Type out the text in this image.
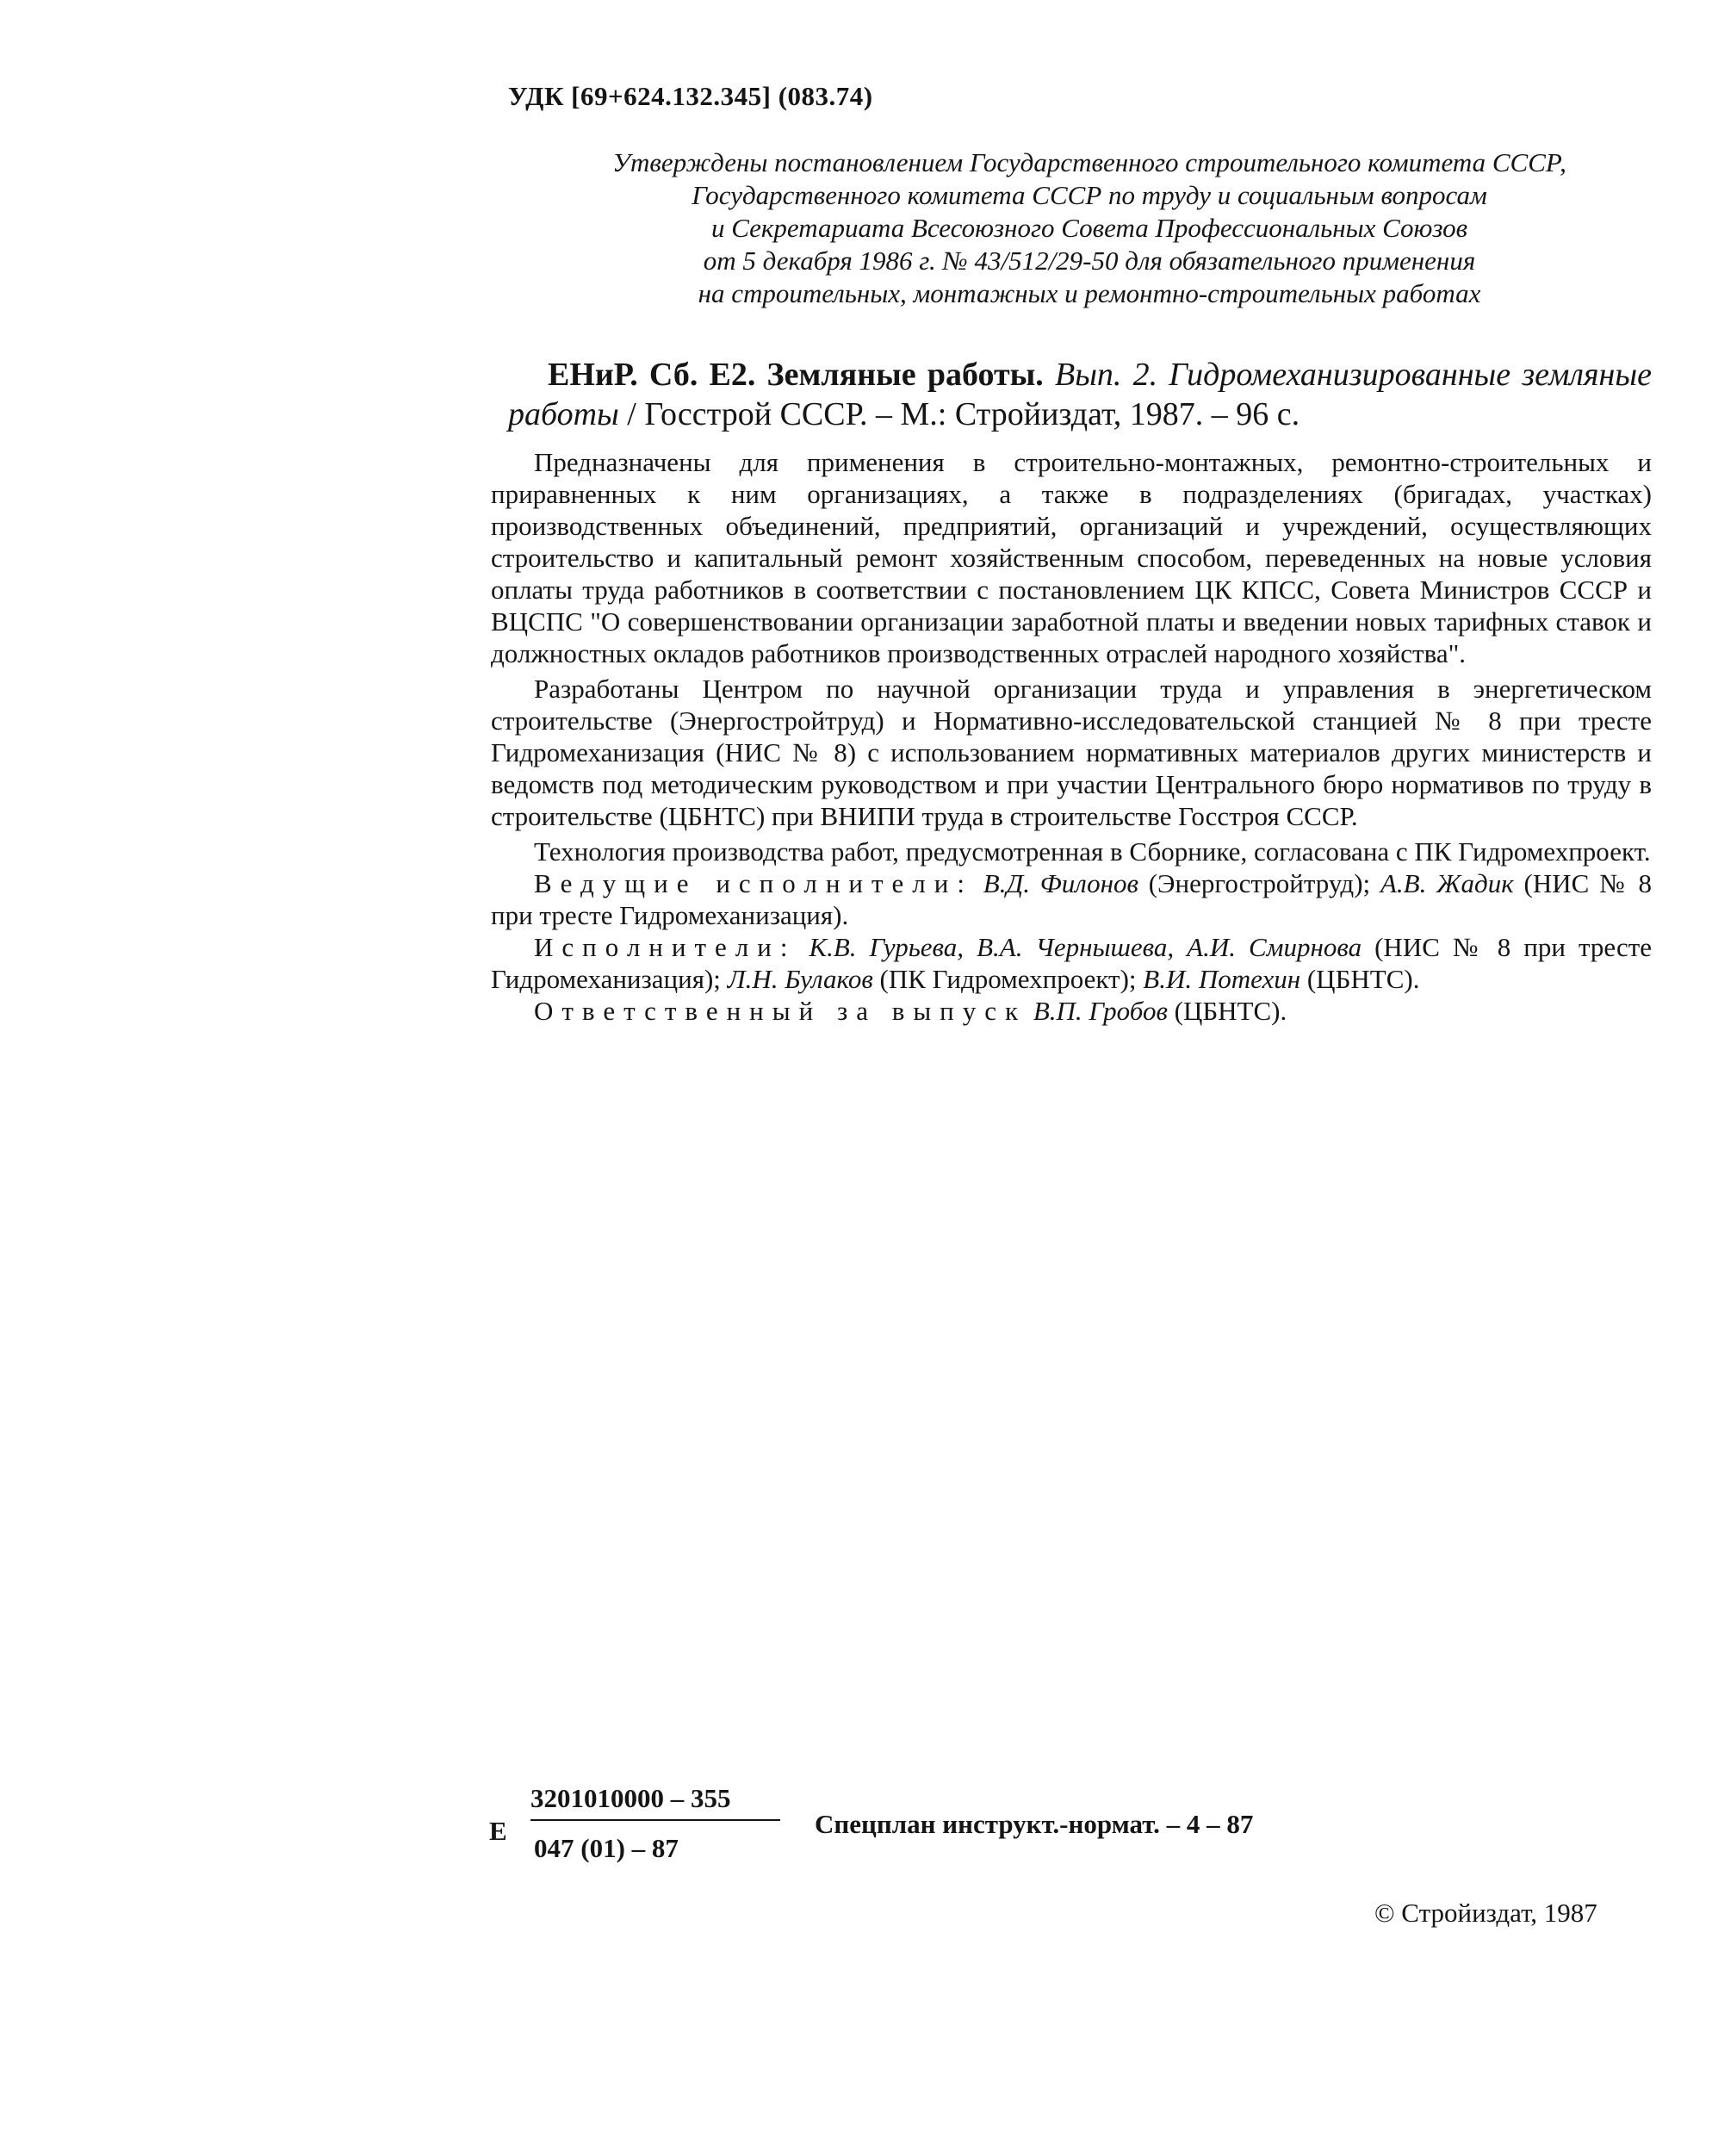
УДК [69+624.132.345] (083.74)
Утверждены постановлением Государственного строительного комитета СССР,
Государственного комитета СССР по труду и социальным вопросам
и Секретариата Всесоюзного Совета Профессиональных Союзов
от 5 декабря 1986 г. № 43/512/29-50 для обязательного применения
на строительных, монтажных и ремонтно-строительных работах
ЕНиР. Сб. Е2. Земляные работы. Вып. 2. Гидромеханизированные земляные работы / Госстрой СССР. – М.: Стройиздат, 1987. – 96 с.

Предназначены для применения в строительно-монтажных, ремонтно-строительных и приравненных к ним организациях, а также в подразделениях (бригадах, участках) производственных объединений, предприятий, организаций и учреждений, осуществляющих строительство и капитальный ремонт хозяйственным способом, переведенных на новые условия оплаты труда работников в соответствии с постановлением ЦК КПСС, Совета Министров СССР и ВЦСПС "О совершенствовании организации заработной платы и введении новых тарифных ставок и должностных окладов работников производственных отраслей народного хозяйства".

Разработаны Центром по научной организации труда и управления в энергетическом строительстве (Энергостройтруд) и Нормативно-исследовательской станцией № 8 при тресте Гидромеханизация (НИС № 8) с использованием нормативных материалов других министерств и ведомств под методическим руководством и при участии Центрального бюро нормативов по труду в строительстве (ЦБНТС) при ВНИПИ труда в строительстве Госстроя СССР.

Технология производства работ, предусмотренная в Сборнике, согласована с ПК Гидромехпроект.

Ведущие исполнители: В.Д. Филонов (Энергостройтруд); А.В. Жадик (НИС № 8 при тресте Гидромеханизация).

Исполнители: К.В. Гурьева, В.А. Чернышева, А.И. Смирнова (НИС № 8 при тресте Гидромеханизация); Л.Н. Булаков (ПК Гидромехпроект); В.И. Потехин (ЦБНТС).

Ответственный за выпуск В.П. Гробов (ЦБНТС).

Е
3201010000 – 355
047 (01) – 87
Спецплан инструкт.-нормат. – 4 – 87
© Стройиздат, 1987
